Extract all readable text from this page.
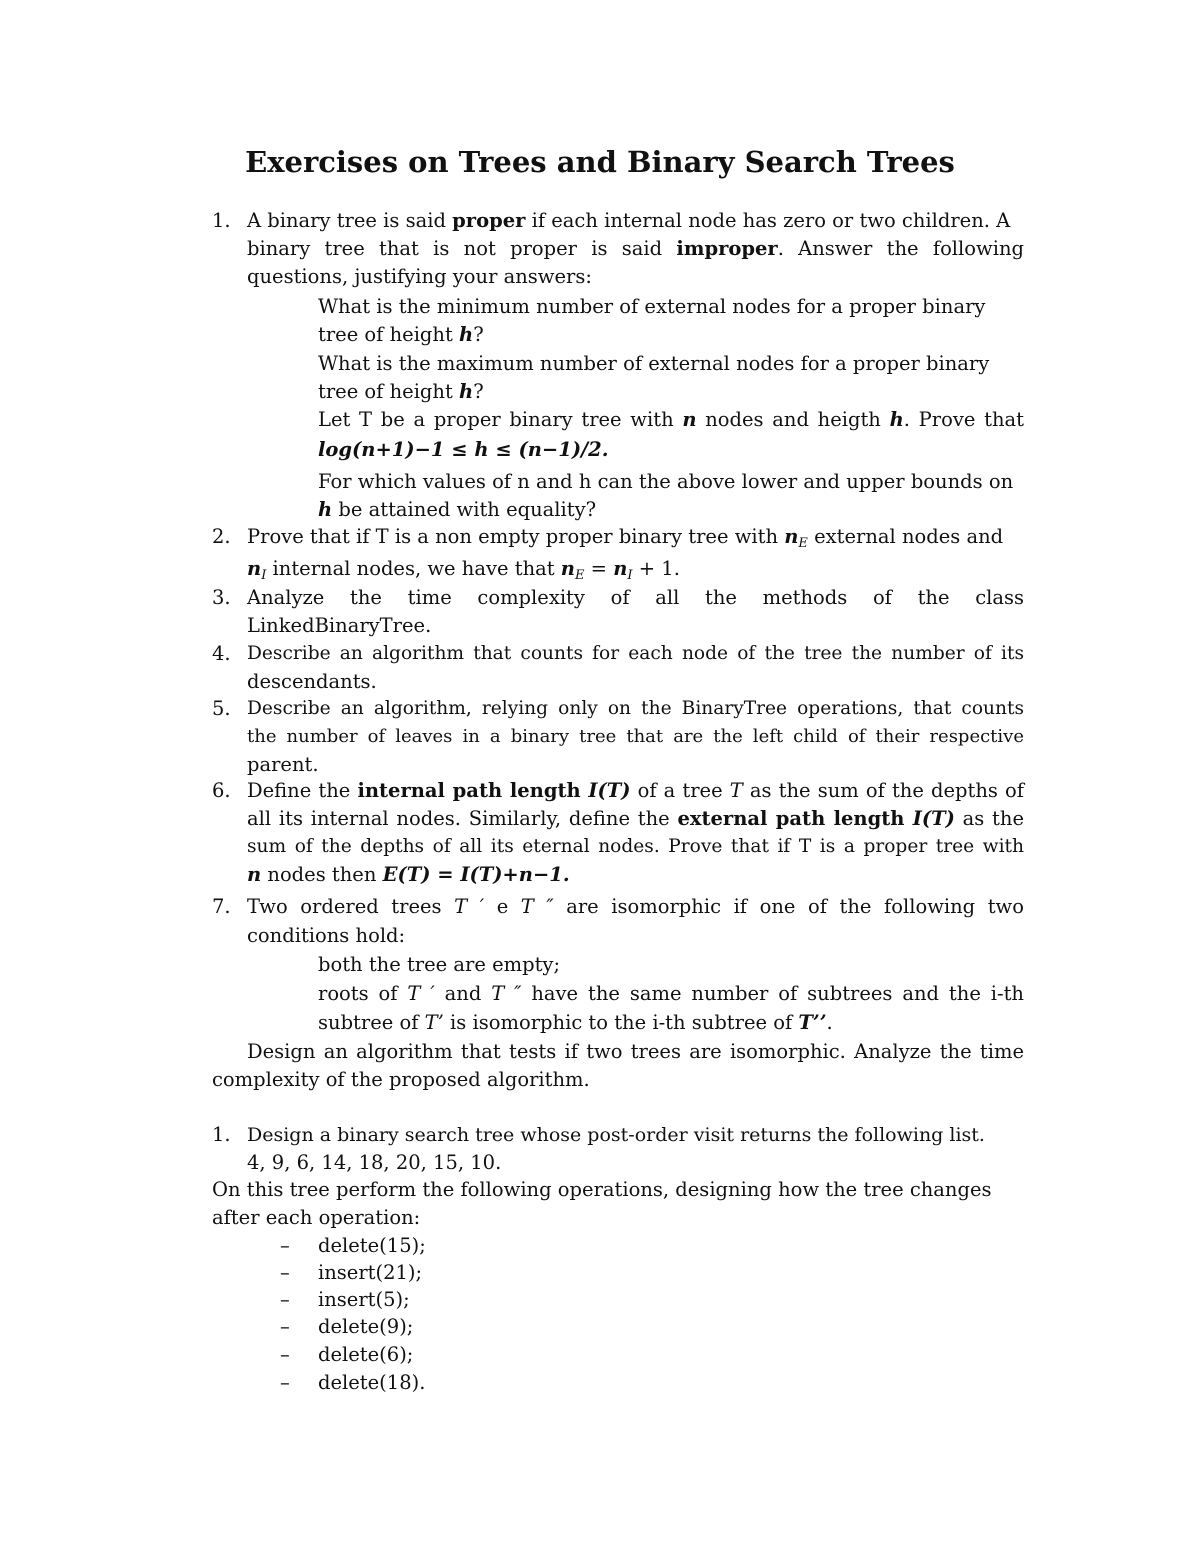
Exercises on Trees and Binary Search Trees
1. A binary tree is said proper if each internal node has zero or two children. A
binary tree that is not proper is said improper. Answer the following
questions, justifying your answers:
What is the minimum number of external nodes for a proper binary
tree of height h?
What is the maximum number of external nodes for a proper binary
tree of height h?
Let T be a proper binary tree with n nodes and heigth h. Prove that
log(n+1)−1 ≤ h ≤ (n−1)/2.
For which values of n and h can the above lower and upper bounds on
h be attained with equality?
2. Prove that if T is a non empty proper binary tree with $n_E$ external nodes and
$n_I$ internal nodes, we have that $n_E = n_I + 1$.
3. Analyze the time complexity of all the methods of the class
LinkedBinaryTree.
4. Describe an algorithm that counts for each node of the tree the number of its
descendants.
5. Describe an algorithm, relying only on the BinaryTree operations, that counts
the number of leaves in a binary tree that are the left child of their respective
parent.
6. Define the internal path length I(T) of a tree T as the sum of the depths of
all its internal nodes. Similarly, define the external path length I(T) as the
sum of the depths of all its eternal nodes. Prove that if T is a proper tree with
n nodes then E(T) = I(T)+n−1.
7. Two ordered trees T ′ e T ″ are isomorphic if one of the following two
conditions hold:
both the tree are empty;
roots of T ′ and T ″ have the same number of subtrees and the i-th
subtree of T’ is isomorphic to the i-th subtree of T’’.
Design an algorithm that tests if two trees are isomorphic. Analyze the time
complexity of the proposed algorithm.
1. Design a binary search tree whose post-order visit returns the following list.
4, 9, 6, 14, 18, 20, 15, 10.
On this tree perform the following operations, designing how the tree changes
after each operation:
– delete(15);
– insert(21);
– insert(5);
– delete(9);
– delete(6);
– delete(18).
